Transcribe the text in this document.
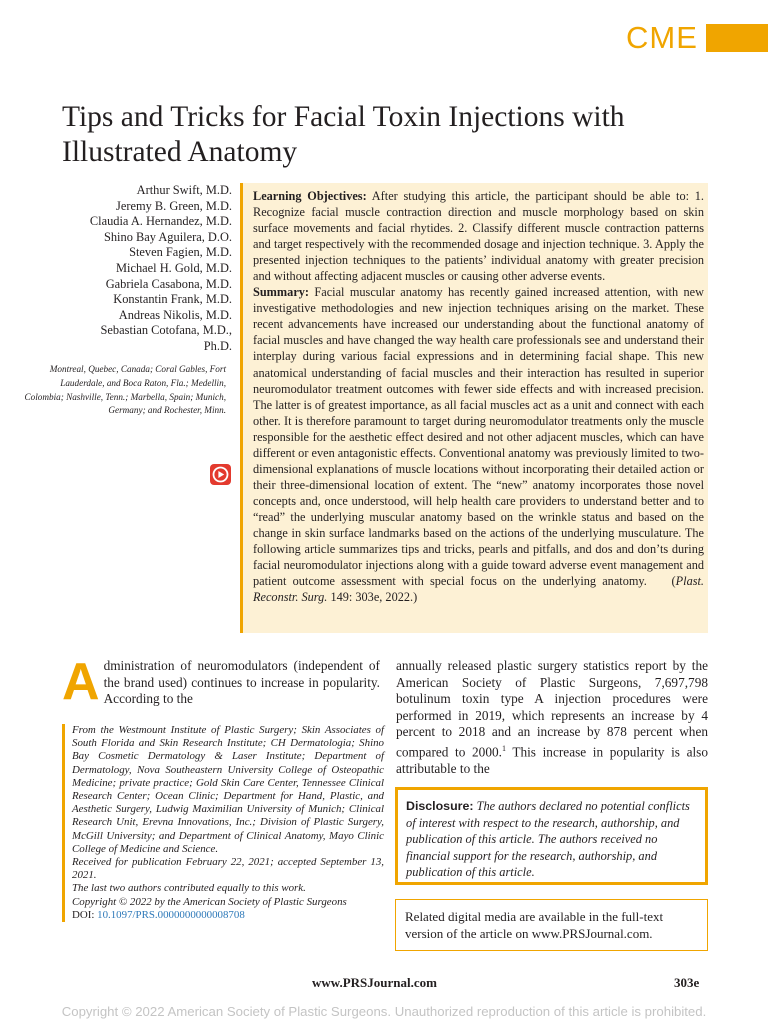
CME
Tips and Tricks for Facial Toxin Injections with Illustrated Anatomy
Arthur Swift, M.D.
Jeremy B. Green, M.D.
Claudia A. Hernandez, M.D.
Shino Bay Aguilera, D.O.
Steven Fagien, M.D.
Michael H. Gold, M.D.
Gabriela Casabona, M.D.
Konstantin Frank, M.D.
Andreas Nikolis, M.D.
Sebastian Cotofana, M.D.,
Ph.D.
Montreal, Quebec, Canada; Coral Gables, Fort Lauderdale, and Boca Raton, Fla.; Medellin, Colombia; Nashville, Tenn.; Marbella, Spain; Munich, Germany; and Rochester, Minn.

Learning Objectives: After studying this article, the participant should be able to: 1. Recognize facial muscle contraction direction and muscle morphology based on skin surface movements and facial rhytides. 2. Classify different muscle contraction patterns and target respectively with the recommended dosage and injection technique. 3. Apply the presented injection techniques to the patients’ individual anatomy with greater precision and without affecting adjacent muscles or causing other adverse events.

Summary: Facial muscular anatomy has recently gained increased attention, with new investigative methodologies and new injection techniques arising on the market. These recent advancements have increased our understanding about the functional anatomy of facial muscles and have changed the way health care professionals see and understand their interplay during various facial expressions and in determining facial shape. This new anatomical understanding of facial muscles and their interaction has resulted in superior neuromodulator treatment outcomes with fewer side effects and with increased precision. The latter is of greatest importance, as all facial muscles act as a unit and connect with each other. It is therefore paramount to target during neuromodulator treatments only the muscle responsible for the aesthetic effect desired and not other adjacent muscles, which can have different or even antagonistic effects. Conventional anatomy was previously limited to two-dimensional explanations of muscle locations without incorporating their detailed action or their three-dimensional location of extent. The “new” anatomy incorporates those novel concepts and, once understood, will help health care providers to understand better and to “read” the underlying muscular anatomy based on the wrinkle status and based on the change in skin surface landmarks based on the actions of the underlying musculature. The following article summarizes tips and tricks, pearls and pitfalls, and dos and don’ts during facial neuromodulator injections along with a guide toward adverse event management and patient outcome assessment with special focus on the underlying anatomy. (Plast. Reconstr. Surg. 149: 303e, 2022.)

Administration of neuromodulators (independent of the brand used) continues to increase in popularity. According to the

From the Westmount Institute of Plastic Surgery; Skin Associates of South Florida and Skin Research Institute; CH Dermatologia; Shino Bay Cosmetic Dermatology & Laser Institute; Department of Dermatology, Nova Southeastern University College of Osteopathic Medicine; private practice; Gold Skin Care Center, Tennessee Clinical Research Center; Ocean Clinic; Department for Hand, Plastic, and Aesthetic Surgery, Ludwig Maximilian University of Munich; Clinical Research Unit, Erevna Innovations, Inc.; Division of Plastic Surgery, McGill University; and Department of Clinical Anatomy, Mayo Clinic College of Medicine and Science.

Received for publication February 22, 2021; accepted September 13, 2021.

The last two authors contributed equally to this work.

Copyright © 2022 by the American Society of Plastic Surgeons

DOI: 10.1097/PRS.0000000000008708

annually released plastic surgery statistics report by the American Society of Plastic Surgeons, 7,697,798 botulinum toxin type A injection procedures were performed in 2019, which represents an increase by 4 percent to 2018 and an increase by 878 percent when compared to 2000.$^1$ This increase in popularity is also attributable to the
Disclosure: The authors declared no potential conflicts of interest with respect to the research, authorship, and publication of this article. The authors received no financial support for the research, authorship, and publication of this article.
Related digital media are available in the full-text version of the article on www.PRSJournal.com.
www.PRSJournal.com	303e
Copyright © 2022 American Society of Plastic Surgeons. Unauthorized reproduction of this article is prohibited.
